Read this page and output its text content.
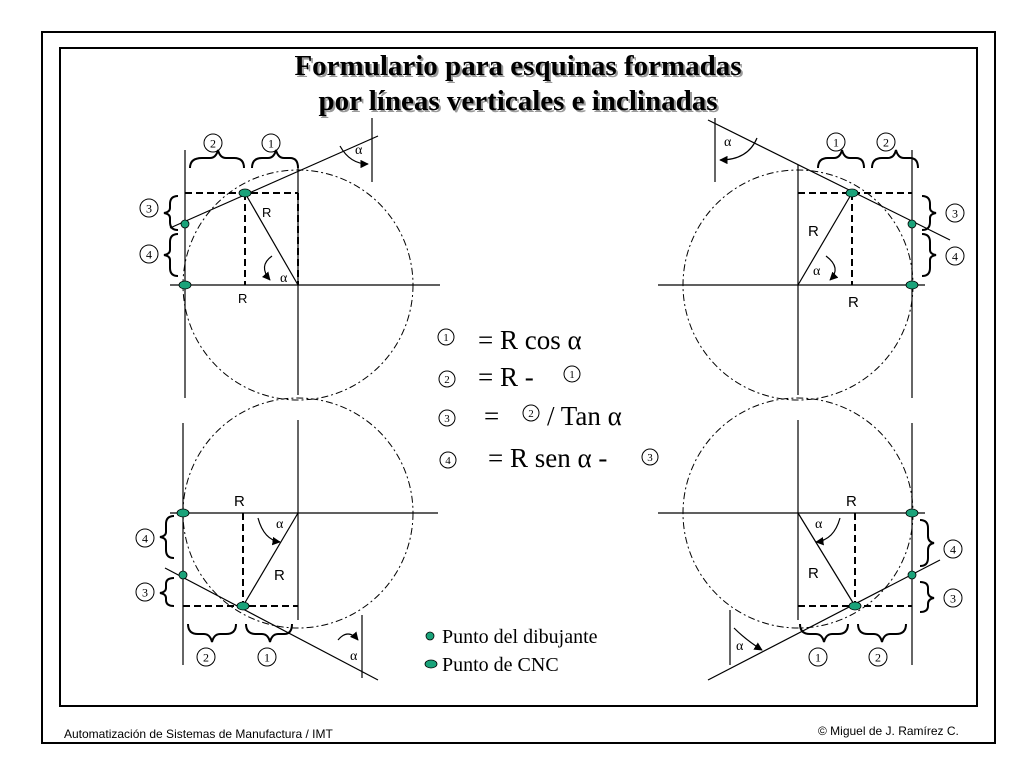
Formulario para esquinas formadas
por líneas verticales e inclinadas
R
R
α
α
2	1
3
4
R
R
α
α	1	2
3
4
R
R
α
α
2	1
4
3
R
R
α
α
1	2
4
3
1 = R cos α
2 = R -	1
3 =	2 / Tan α
4 = R sen α -	3
Punto del dibujante
Punto de CNC
Automatización de Sistemas de Manufactura / IMT	© Miguel de J. Ramírez C.
